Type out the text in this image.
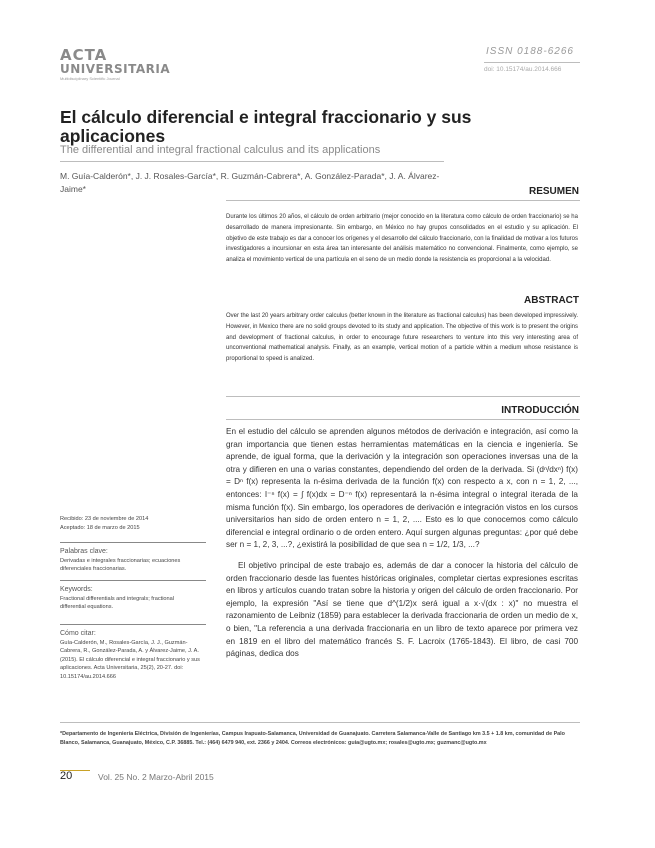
ACTA
UNIVERSITARIA
Multidisciplinary Scientific Journal
ISSN 0188-6266
doi: 10.15174/au.2014.666
El cálculo diferencial e integral fraccionario y sus aplicaciones
The differential and integral fractional calculus and its applications
M. Guía-Calderón*, J. J. Rosales-García*, R. Guzmán-Cabrera*, A. González-Parada*, J. A. Álvarez-Jaime*	RESUMEN
Durante los últimos 20 años, el cálculo de orden arbitrario (mejor conocido en la literatura como cálculo de orden fraccionario) se ha desarrollado de manera impresionante. Sin embargo, en México no hay grupos consolidados en el estudio y su aplicación. El objetivo de este trabajo es dar a conocer los orígenes y el desarrollo del cálculo fraccionario, con la finalidad de motivar a los futuros investigadores a incursionar en esta área tan interesante del análisis matemático no convencional. Finalmente, como ejemplo, se analiza el movimiento vertical de una partícula en el seno de un medio donde la resistencia es proporcional a la velocidad.
ABSTRACT
Over the last 20 years arbitrary order calculus (better known in the literature as fractional calculus) has been developed impressively. However, in Mexico there are no solid groups devoted to its study and application. The objective of this work is to present the origins and development of fractional calculus, in order to encourage future researchers to venture into this very interesting area of unconventional mathematical analysis. Finally, as an example, vertical motion of a particle within a medium whose resistance is proportional to speed is analized.
INTRODUCCIÓN

En el estudio del cálculo se aprenden algunos métodos de derivación e integración, así como la gran importancia que tienen estas herramientas matemáticas en la ciencia e ingeniería. Se aprende, de igual forma, que la derivación y la integración son operaciones inversas una de la otra y difieren en una o varias constantes, dependiendo del orden de la derivada. Si (dⁿ/dxⁿ) f(x) = Dⁿ f(x) representa la n-ésima derivada de la función f(x) con respecto a x, con n = 1, 2, ..., entonces: I⁻ⁿ f(x) = ∫ f(x)dx = D⁻ⁿ f(x) representará la n-ésima integral o integral iterada de la misma función f(x). Sin embargo, los operadores de derivación e integración vistos en los cursos universitarios han sido de orden entero n = 1, 2, .... Esto es lo que conocemos como cálculo diferencial e integral ordinario o de orden entero. Aquí surgen algunas preguntas: ¿por qué debe ser n = 1, 2, 3, ...?, ¿existirá la posibilidad de que sea n = 1/2, 1/3, ...?

El objetivo principal de este trabajo es, además de dar a conocer la historia del cálculo de orden fraccionario desde las fuentes históricas originales, completar ciertas expresiones escritas en libros y artículos cuando tratan sobre la historia y origen del cálculo de orden fraccionario. Por ejemplo, la expresión "Así se tiene que d^(1/2)x será igual a x·√(dx : x)" no muestra el razonamiento de Leibniz (1859) para establecer la derivada fraccionaria de orden un medio de x, o bien, "La referencia a una derivada fraccionaria en un libro de texto aparece por primera vez en 1819 en el libro del matemático francés S. F. Lacroix (1765-1843). El libro, de casi 700 páginas, dedica dos

Recibido: 23 de noviembre de 2014
Aceptado: 18 de marzo de 2015
Palabras clave:
Derivadas e integrales fraccionarias; ecuaciones diferenciales fraccionarias.
Keywords:
Fractional differentials and integrals; fractional differential equations.
Cómo citar:
Guía-Calderón, M., Rosales-García, J. J., Guzmán-Cabrera, R., González-Parada, A. y Álvarez-Jaime, J. A. (2015). El cálculo diferencial e integral fraccionario y sus aplicaciones. Acta Universitaria, 25(2), 20-27. doi: 10.15174/au.2014.666
*Departamento de Ingeniería Eléctrica, División de Ingenierías, Campus Irapuato-Salamanca, Universidad de Guanajuato. Carretera Salamanca-Valle de Santiago km 3.5 + 1.8 km, comunidad de Palo Blanco, Salamanca, Guanajuato, México, C.P. 36885. Tel.: (464) 6479 940, ext. 2366 y 2404. Correos electrónicos: guia@ugto.mx; rosales@ugto.mx; guzmanc@ugto.mx
20	Vol. 25 No. 2 Marzo-Abril 2015
